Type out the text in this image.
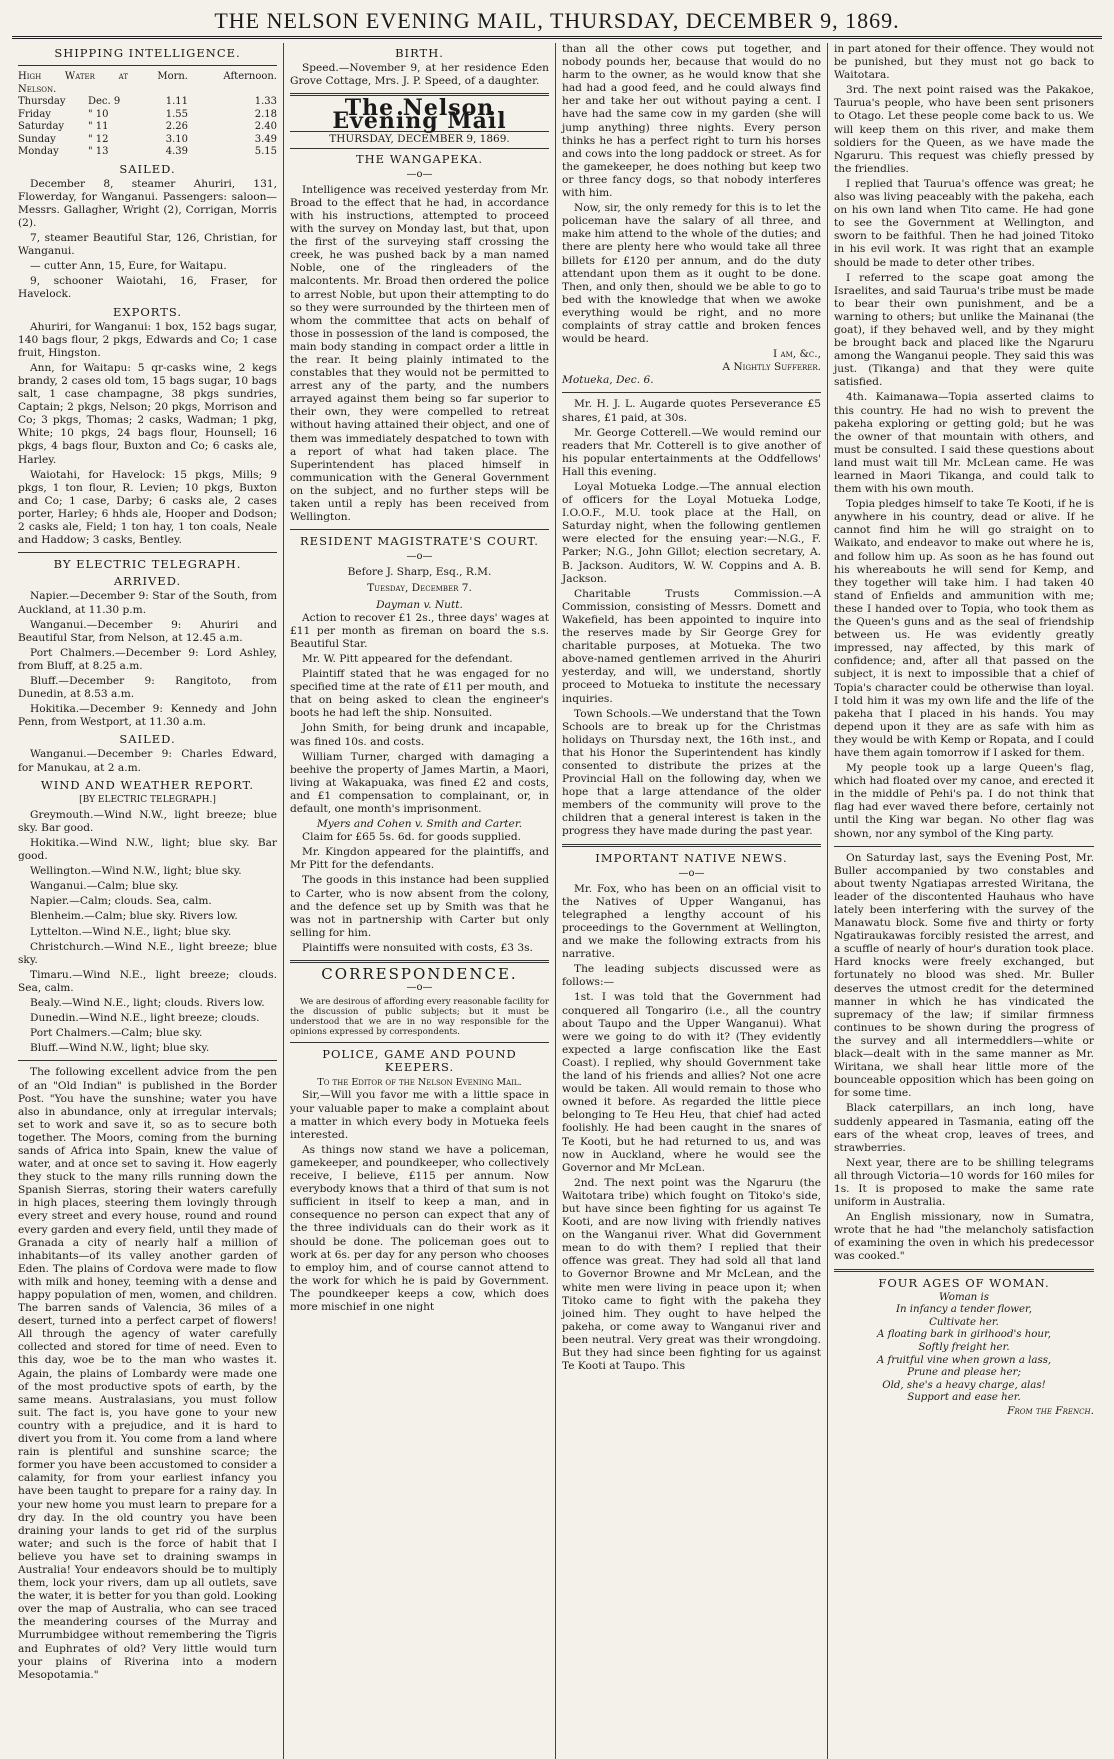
THE NELSON EVENING MAIL, THURSDAY, DECEMBER 9, 1869.
SHIPPING INTELLIGENCE.
High Water at Nelson.
Morn.	Afternoon.
Thursday	Dec. 9	1.11	1.33
Friday	" 10	1.55	2.18
Saturday	" 11	2.26	2.40
Sunday	" 12	3.10	3.49
Monday	" 13	4.39	5.15
SAILED.

December 8, steamer Ahuriri, 131, Flowerday, for Wanganui. Passengers: saloon—Messrs. Gallagher, Wright (2), Corrigan, Morris (2).

7, steamer Beautiful Star, 126, Christian, for Wanganui.

— cutter Ann, 15, Eure, for Waitapu.

9, schooner Waiotahi, 16, Fraser, for Havelock.

EXPORTS.

Ahuriri, for Wanganui: 1 box, 152 bags sugar, 140 bags flour, 2 pkgs, Edwards and Co; 1 case fruit, Hingston.

Ann, for Waitapu: 5 qr-casks wine, 2 kegs brandy, 2 cases old tom, 15 bags sugar, 10 bags salt, 1 case champagne, 38 pkgs sundries, Captain; 2 pkgs, Nelson; 20 pkgs, Morrison and Co; 3 pkgs, Thomas; 2 casks, Wadman; 1 pkg, White; 10 pkgs, 24 bags flour, Hounsell; 16 pkgs, 4 bags flour, Buxton and Co; 6 casks ale, Harley.

Waiotahi, for Havelock: 15 pkgs, Mills; 9 pkgs, 1 ton flour, R. Levien; 10 pkgs, Buxton and Co; 1 case, Darby; 6 casks ale, 2 cases porter, Harley; 6 hhds ale, Hooper and Dodson; 2 casks ale, Field; 1 ton hay, 1 ton coals, Neale and Haddow; 3 casks, Bentley.

BY ELECTRIC TELEGRAPH.
ARRIVED.

Napier.—December 9: Star of the South, from Auckland, at 11.30 p.m.

Wanganui.—December 9: Ahuriri and Beautiful Star, from Nelson, at 12.45 a.m.

Port Chalmers.—December 9: Lord Ashley, from Bluff, at 8.25 a.m.

Bluff.—December 9: Rangitoto, from Dunedin, at 8.53 a.m.

Hokitika.—December 9: Kennedy and John Penn, from Westport, at 11.30 a.m.

SAILED.

Wanganui.—December 9: Charles Edward, for Manukau, at 2 a.m.

WIND AND WEATHER REPORT.
[BY ELECTRIC TELEGRAPH.]

Greymouth.—Wind N.W., light breeze; blue sky. Bar good.

Hokitika.—Wind N.W., light; blue sky. Bar good.

Wellington.—Wind N.W., light; blue sky.

Wanganui.—Calm; blue sky.

Napier.—Calm; clouds. Sea, calm.

Blenheim.—Calm; blue sky. Rivers low.

Lyttelton.—Wind N.E., light; blue sky.

Christchurch.—Wind N.E., light breeze; blue sky.

Timaru.—Wind N.E., light breeze; clouds. Sea, calm.

Bealy.—Wind N.E., light; clouds. Rivers low.

Dunedin.—Wind N.E., light breeze; clouds.

Port Chalmers.—Calm; blue sky.

Bluff.—Wind N.W., light; blue sky.

The following excellent advice from the pen of an "Old Indian" is published in the Border Post. "You have the sunshine; water you have also in abundance, only at irregular intervals; set to work and save it, so as to secure both together. The Moors, coming from the burning sands of Africa into Spain, knew the value of water, and at once set to saving it. How eagerly they stuck to the many rills running down the Spanish Sierras, storing their waters carefully in high places, steering them lovingly through every street and every house, round and round every garden and every field, until they made of Granada a city of nearly half a million of inhabitants—of its valley another garden of Eden. The plains of Cordova were made to flow with milk and honey, teeming with a dense and happy population of men, women, and children. The barren sands of Valencia, 36 miles of a desert, turned into a perfect carpet of flowers! All through the agency of water carefully collected and stored for time of need. Even to this day, woe be to the man who wastes it. Again, the plains of Lombardy were made one of the most productive spots of earth, by the same means. Australasians, you must follow suit. The fact is, you have gone to your new country with a prejudice, and it is hard to divert you from it. You come from a land where rain is plentiful and sunshine scarce; the former you have been accustomed to consider a calamity, for from your earliest infancy you have been taught to prepare for a rainy day. In your new home you must learn to prepare for a dry day. In the old country you have been draining your lands to get rid of the surplus water; and such is the force of habit that I believe you have set to draining swamps in Australia! Your endeavors should be to multiply them, lock your rivers, dam up all outlets, save the water, it is better for you than gold. Looking over the map of Australia, who can see traced the meandering courses of the Murray and Murrumbidgee without remembering the Tigris and Euphrates of old? Very little would turn your plains of Riverina into a modern Mesopotamia."

BIRTH.

Speed.—November 9, at her residence Eden Grove Cottage, Mrs. J. P. Speed, of a daughter.

The Nelson Evening Mail
THURSDAY, DECEMBER 9, 1869.
THE WANGAPEKA.
—o—

Intelligence was received yesterday from Mr. Broad to the effect that he had, in accordance with his instructions, attempted to proceed with the survey on Monday last, but that, upon the first of the surveying staff crossing the creek, he was pushed back by a man named Noble, one of the ringleaders of the malcontents. Mr. Broad then ordered the police to arrest Noble, but upon their attempting to do so they were surrounded by the thirteen men of whom the committee that acts on behalf of those in possession of the land is composed, the main body standing in compact order a little in the rear. It being plainly intimated to the constables that they would not be permitted to arrest any of the party, and the numbers arrayed against them being so far superior to their own, they were compelled to retreat without having attained their object, and one of them was immediately despatched to town with a report of what had taken place. The Superintendent has placed himself in communication with the General Government on the subject, and no further steps will be taken until a reply has been received from Wellington.

RESIDENT MAGISTRATE'S COURT.
—o—
Before J. Sharp, Esq., R.M.
Tuesday, December 7.
Dayman v. Nutt.

Action to recover £1 2s., three days' wages at £11 per month as fireman on board the s.s. Beautiful Star.

Mr. W. Pitt appeared for the defendant.

Plaintiff stated that he was engaged for no specified time at the rate of £11 per mouth, and that on being asked to clean the engineer's boots he had left the ship. Nonsuited.

John Smith, for being drunk and incapable, was fined 10s. and costs.

William Turner, charged with damaging a beehive the property of James Martin, a Maori, living at Wakapuaka, was fined £2 and costs, and £1 compensation to complainant, or, in default, one month's imprisonment.

Myers and Cohen v. Smith and Carter.

Claim for £65 5s. 6d. for goods supplied.

Mr. Kingdon appeared for the plaintiffs, and Mr Pitt for the defendants.

The goods in this instance had been supplied to Carter, who is now absent from the colony, and the defence set up by Smith was that he was not in partnership with Carter but only selling for him.

Plaintiffs were nonsuited with costs, £3 3s.

CORRESPONDENCE.
—o—

We are desirous of affording every reasonable facility for the discussion of public subjects; but it must be understood that we are in no way responsible for the opinions expressed by correspondents.

POLICE, GAME AND POUND KEEPERS.
To the Editor of the Nelson Evening Mail.

Sir,—Will you favor me with a little space in your valuable paper to make a complaint about a matter in which every body in Motueka feels interested.

As things now stand we have a policeman, gamekeeper, and poundkeeper, who collectively receive, I believe, £115 per annum. Now everybody knows that a third of that sum is not sufficient in itself to keep a man, and in consequence no person can expect that any of the three individuals can do their work as it should be done. The policeman goes out to work at 6s. per day for any person who chooses to employ him, and of course cannot attend to the work for which he is paid by Government. The poundkeeper keeps a cow, which does more mischief in one night

than all the other cows put together, and nobody pounds her, because that would do no harm to the owner, as he would know that she had had a good feed, and he could always find her and take her out without paying a cent. I have had the same cow in my garden (she will jump anything) three nights. Every person thinks he has a perfect right to turn his horses and cows into the long paddock or street. As for the gamekeeper, he does nothing but keep two or three fancy dogs, so that nobody interferes with him.

Now, sir, the only remedy for this is to let the policeman have the salary of all three, and make him attend to the whole of the duties; and there are plenty here who would take all three billets for £120 per annum, and do the duty attendant upon them as it ought to be done. Then, and only then, should we be able to go to bed with the knowledge that when we awoke everything would be right, and no more complaints of stray cattle and broken fences would be heard.

I am, &c.,
A Nightly Sufferer.

Motueka, Dec. 6.

Mr. H. J. L. Augarde quotes Perseverance £5 shares, £1 paid, at 30s.

Mr. George Cotterell.—We would remind our readers that Mr. Cotterell is to give another of his popular entertainments at the Oddfellows' Hall this evening.

Loyal Motueka Lodge.—The annual election of officers for the Loyal Motueka Lodge, I.O.O.F., M.U. took place at the Hall, on Saturday night, when the following gentlemen were elected for the ensuing year:—N.G., F. Parker; N.G., John Gillot; election secretary, A. B. Jackson. Auditors, W. W. Coppins and A. B. Jackson.

Charitable Trusts Commission.—A Commission, consisting of Messrs. Domett and Wakefield, has been appointed to inquire into the reserves made by Sir George Grey for charitable purposes, at Motueka. The two above-named gentlemen arrived in the Ahuriri yesterday, and will, we understand, shortly proceed to Motueka to institute the necessary inquiries.

Town Schools.—We understand that the Town Schools are to break up for the Christmas holidays on Thursday next, the 16th inst., and that his Honor the Superintendent has kindly consented to distribute the prizes at the Provincial Hall on the following day, when we hope that a large attendance of the older members of the community will prove to the children that a general interest is taken in the progress they have made during the past year.

IMPORTANT NATIVE NEWS.
—o—

Mr. Fox, who has been on an official visit to the Natives of Upper Wanganui, has telegraphed a lengthy account of his proceedings to the Government at Wellington, and we make the following extracts from his narrative.

The leading subjects discussed were as follows:—

1st. I was told that the Government had conquered all Tongariro (i.e., all the country about Taupo and the Upper Wanganui). What were we going to do with it? (They evidently expected a large confiscation like the East Coast). I replied, why should Government take the land of his friends and allies? Not one acre would be taken. All would remain to those who owned it before. As regarded the little piece belonging to Te Heu Heu, that chief had acted foolishly. He had been caught in the snares of Te Kooti, but he had returned to us, and was now in Auckland, where he would see the Governor and Mr McLean.

2nd. The next point was the Ngaruru (the Waitotara tribe) which fought on Titoko's side, but have since been fighting for us against Te Kooti, and are now living with friendly natives on the Wanganui river. What did Government mean to do with them? I replied that their offence was great. They had sold all that land to Governor Browne and Mr McLean, and the white men were living in peace upon it; when Titoko came to fight with the pakeha they joined him. They ought to have helped the pakeha, or come away to Wanganui river and been neutral. Very great was their wrongdoing. But they had since been fighting for us against Te Kooti at Taupo. This

in part atoned for their offence. They would not be punished, but they must not go back to Waitotara.

3rd. The next point raised was the Pakakoe, Taurua's people, who have been sent prisoners to Otago. Let these people come back to us. We will keep them on this river, and make them soldiers for the Queen, as we have made the Ngaruru. This request was chiefly pressed by the friendlies.

I replied that Taurua's offence was great; he also was living peaceably with the pakeha, each on his own land when Tito came. He had gone to see the Government at Wellington, and sworn to be faithful. Then he had joined Titoko in his evil work. It was right that an example should be made to deter other tribes.

I referred to the scape goat among the Israelites, and said Taurua's tribe must be made to bear their own punishment, and be a warning to others; but unlike the Mainanai (the goat), if they behaved well, and by they might be brought back and placed like the Ngaruru among the Wanganui people. They said this was just. (Tikanga) and that they were quite satisfied.

4th. Kaimanawa—Topia asserted claims to this country. He had no wish to prevent the pakeha exploring or getting gold; but he was the owner of that mountain with others, and must be consulted. I said these questions about land must wait till Mr. McLean came. He was learned in Maori Tikanga, and could talk to them with his own mouth.

Topia pledges himself to take Te Kooti, if he is anywhere in his country, dead or alive. If he cannot find him he will go straight on to Waikato, and endeavor to make out where he is, and follow him up. As soon as he has found out his whereabouts he will send for Kemp, and they together will take him. I had taken 40 stand of Enfields and ammunition with me; these I handed over to Topia, who took them as the Queen's guns and as the seal of friendship between us. He was evidently greatly impressed, nay affected, by this mark of confidence; and, after all that passed on the subject, it is next to impossible that a chief of Topia's character could be otherwise than loyal. I told him it was my own life and the life of the pakeha that I placed in his hands. You may depend upon it they are as safe with him as they would be with Kemp or Ropata, and I could have them again tomorrow if I asked for them.

My people took up a large Queen's flag, which had floated over my canoe, and erected it in the middle of Pehi's pa. I do not think that flag had ever waved there before, certainly not until the King war began. No other flag was shown, nor any symbol of the King party.

On Saturday last, says the Evening Post, Mr. Buller accompanied by two constables and about twenty Ngatiapas arrested Wiritana, the leader of the discontented Hauhaus who have lately been interfering with the survey of the Manawatu block. Some five and thirty or forty Ngatiraukawas forcibly resisted the arrest, and a scuffle of nearly of hour's duration took place. Hard knocks were freely exchanged, but fortunately no blood was shed. Mr. Buller deserves the utmost credit for the determined manner in which he has vindicated the supremacy of the law; if similar firmness continues to be shown during the progress of the survey and all intermeddlers—white or black—dealt with in the same manner as Mr. Wiritana, we shall hear little more of the bounceable opposition which has been going on for some time.

Black caterpillars, an inch long, have suddenly appeared in Tasmania, eating off the ears of the wheat crop, leaves of trees, and strawberries.

Next year, there are to be shilling telegrams all through Victoria—10 words for 160 miles for 1s. It is proposed to make the same rate uniform in Australia.

An English missionary, now in Sumatra, wrote that he had "the melancholy satisfaction of examining the oven in which his predecessor was cooked."

FOUR AGES OF WOMAN.
Woman is
In infancy a tender flower,
Cultivate her.
A floating bark in girlhood's hour,
Softly freight her.
A fruitful vine when grown a lass,
Prune and please her;
Old, she's a heavy charge, alas!
Support and ease her.
From the French.
